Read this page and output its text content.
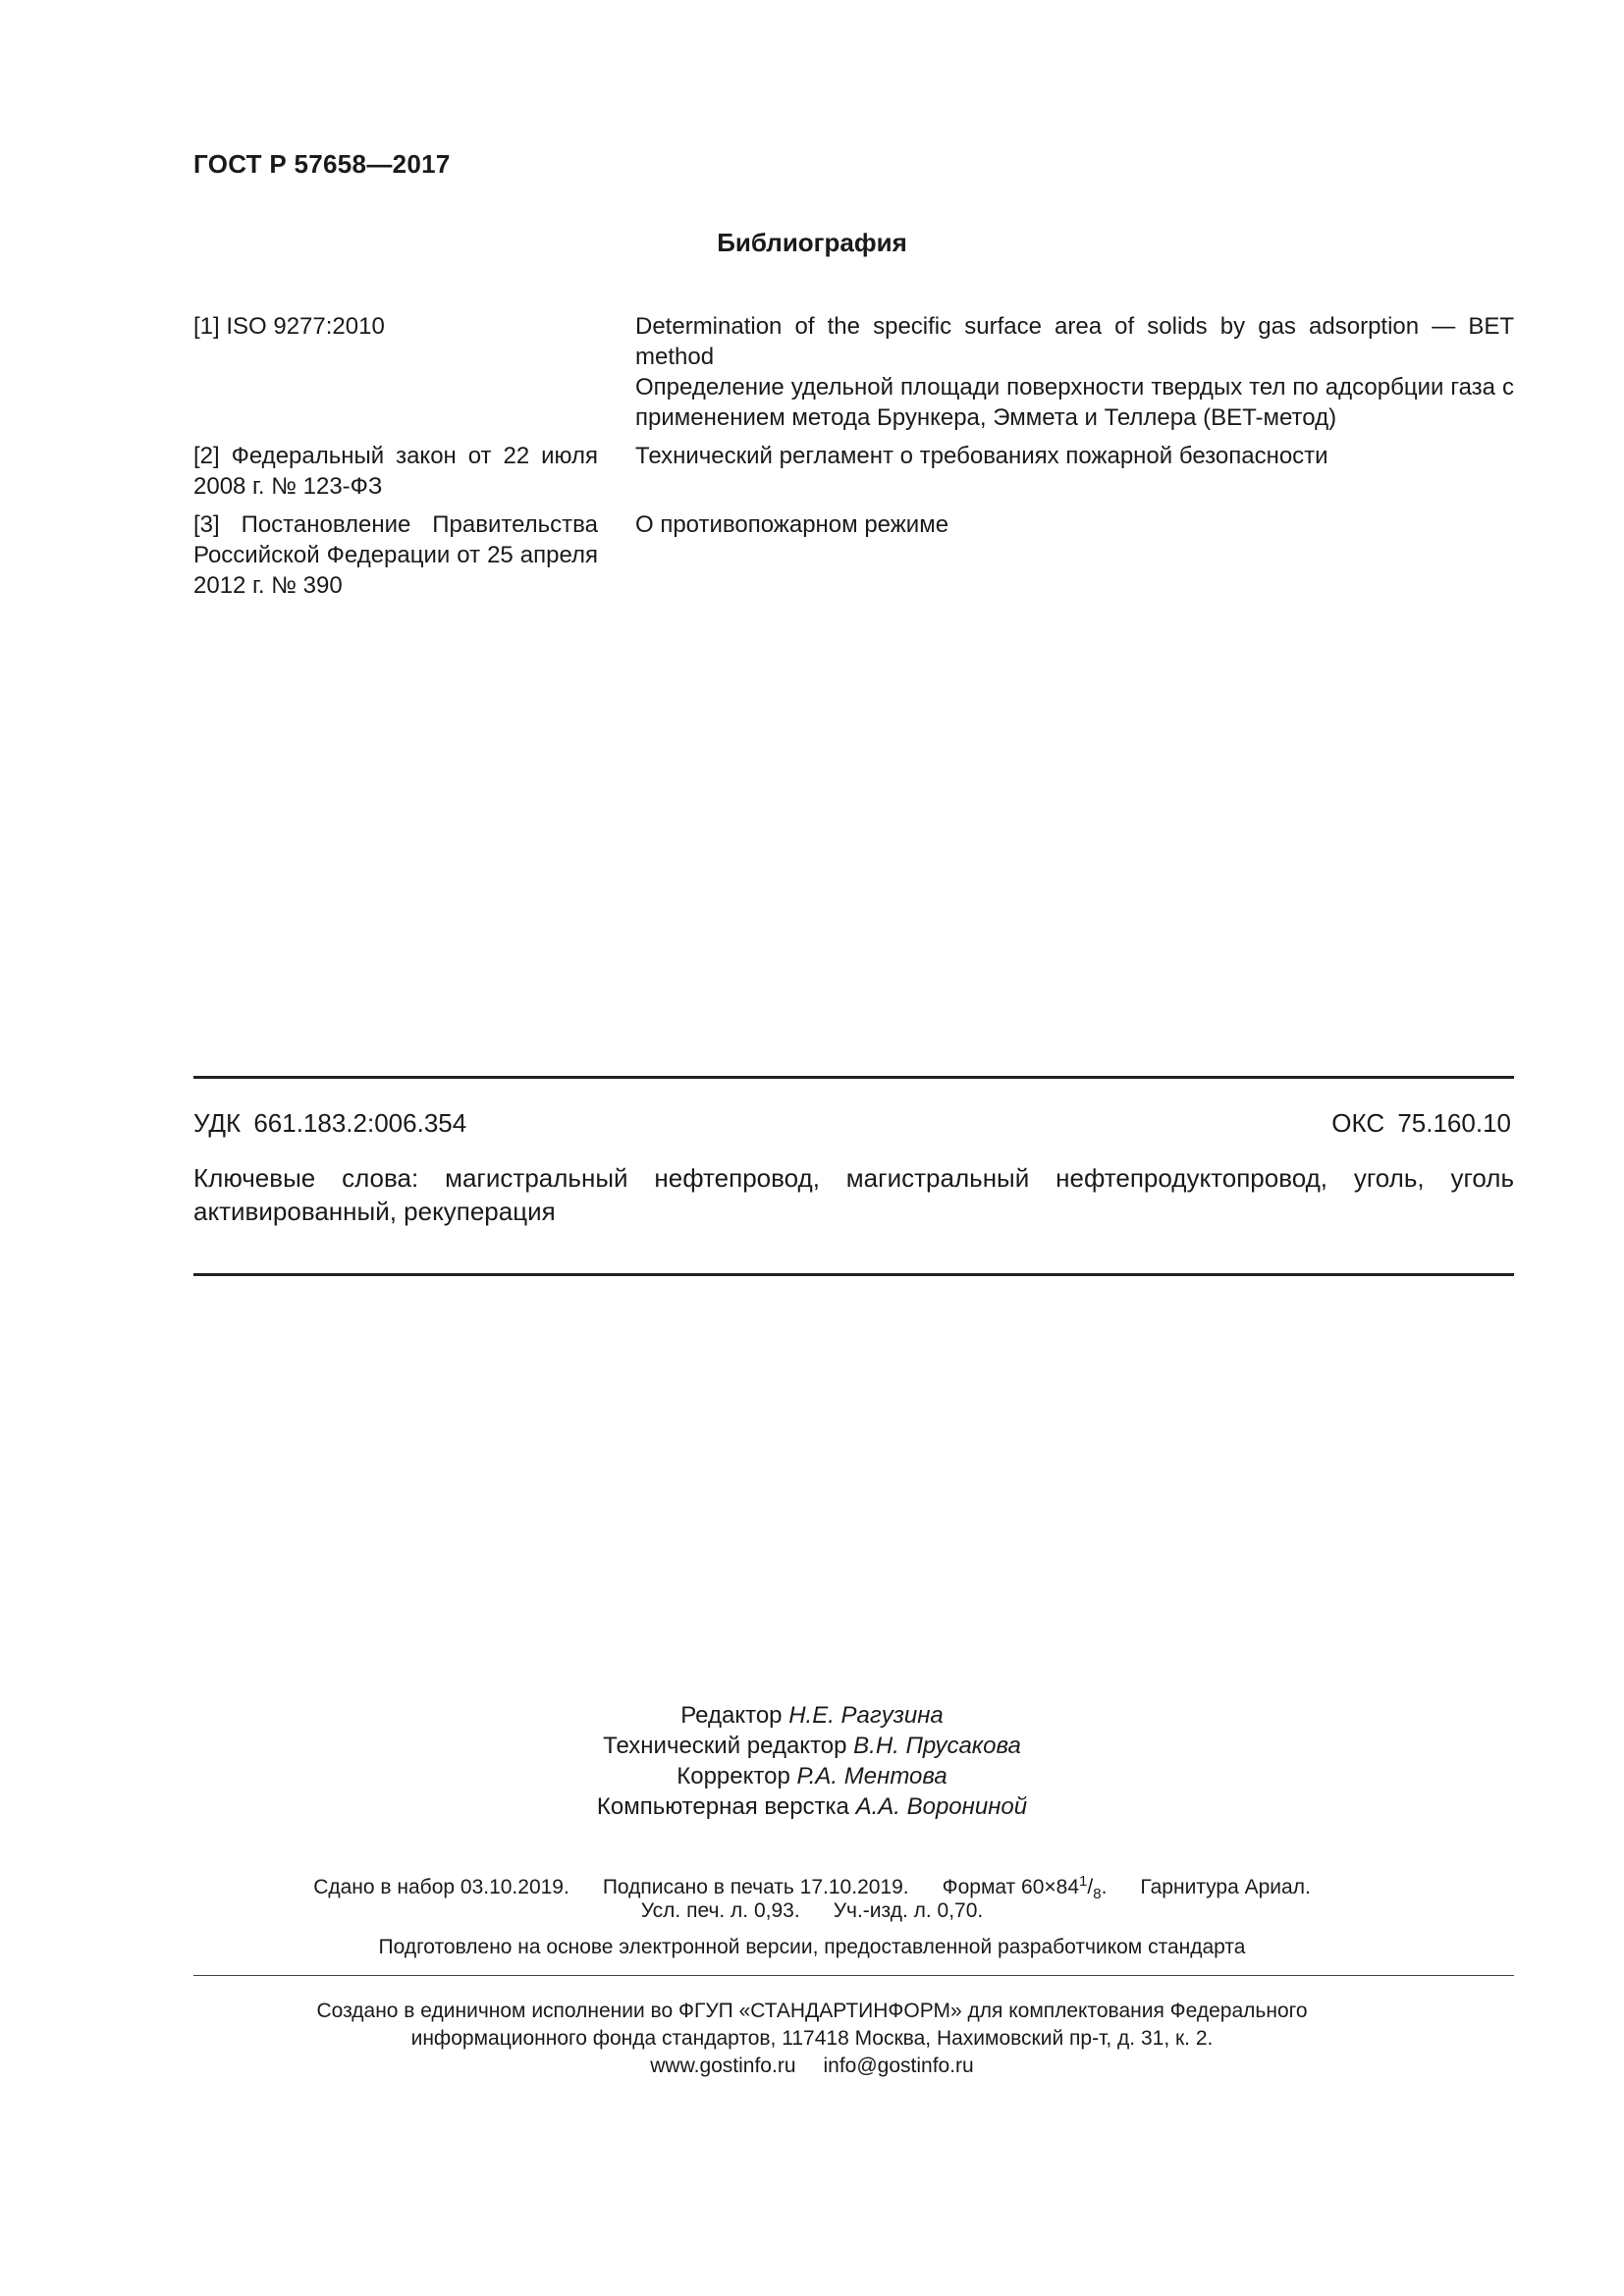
ГОСТ Р 57658—2017
Библиография
[1] ISO 9277:2010	Determination of the specific surface area of solids by gas adsorption — BET method

Определение удельной площади поверхности твердых тел по адсорбции газа с применением метода Брункера, Эммета и Теллера (BET-метод)

[2] Федеральный закон от 22 июля 2008 г. № 123-ФЗ

Технический регламент о требованиях пожарной безопасности

[3] Постановление Правительства Российской Федерации от 25 апреля 2012 г. № 390

О противопожарном режиме

УДК 661.183.2:006.354	ОКС 75.160.10
Ключевые слова: магистральный нефтепровод, магистральный нефтепродуктопровод, уголь, уголь активированный, рекуперация
Редактор Н.Е. Рагузина
Технический редактор В.Н. Прусакова
Корректор Р.А. Ментова
Компьютерная верстка А.А. Ворониной
Сдано в набор 03.10.2019. Подписано в печать 17.10.2019. Формат $60\times 84^1/_8$. Гарнитура Ариал.
Усл. печ. л. 0,93. Уч.-изд. л. 0,70.
Подготовлено на основе электронной версии, предоставленной разработчиком стандарта
Создано в единичном исполнении во ФГУП «СТАНДАРТИНФОРМ» для комплектования Федерального
информационного фонда стандартов, 117418 Москва, Нахимовский пр-т, д. 31, к. 2.
www.gostinfo.ru info@gostinfo.ru
